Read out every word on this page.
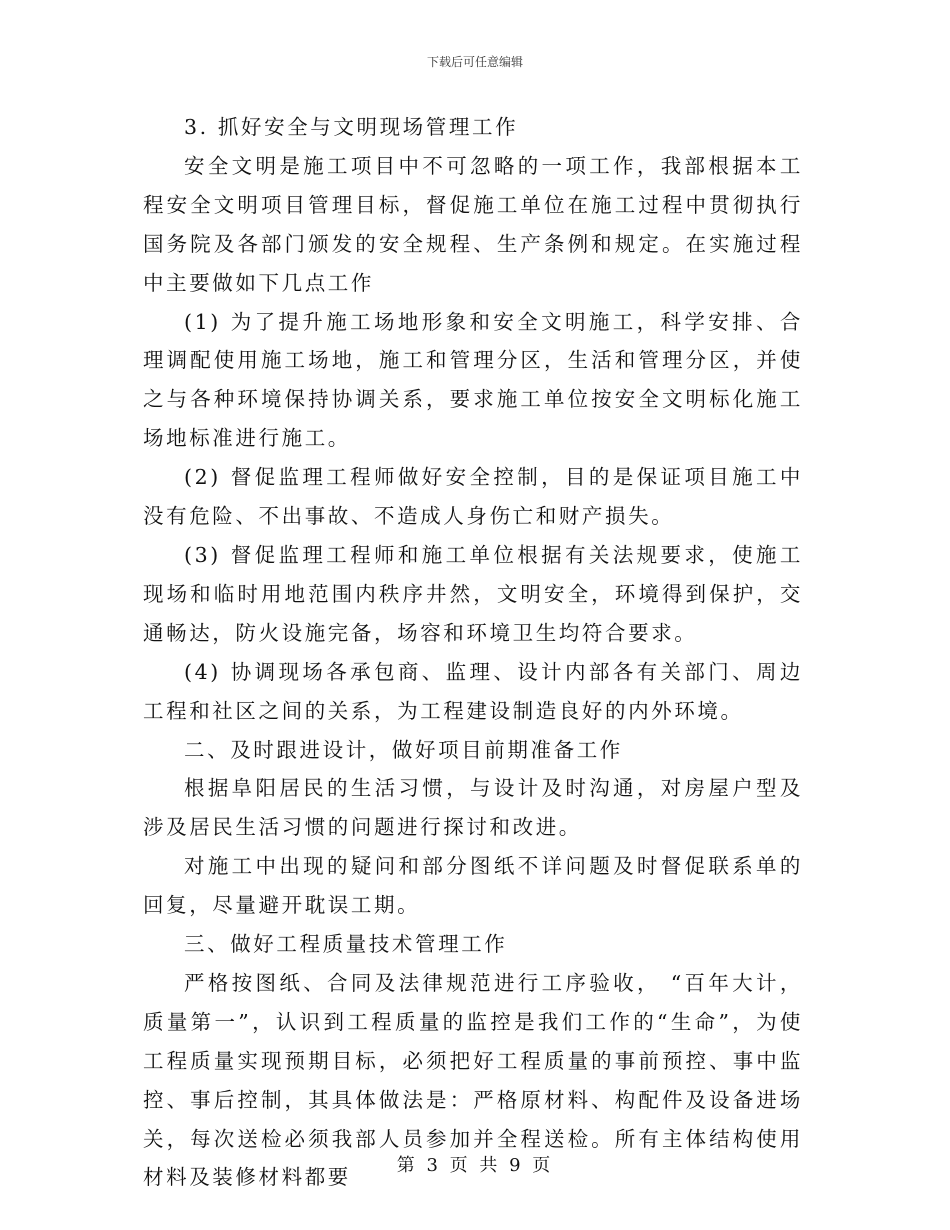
下载后可任意编辑

3. 抓好安全与文明现场管理工作

安全文明是施工项目中不可忽略的一项工作，我部根据本工程安全文明项目管理目标，督促施工单位在施工过程中贯彻执行国务院及各部门颁发的安全规程、生产条例和规定。在实施过程中主要做如下几点工作

(1) 为了提升施工场地形象和安全文明施工，科学安排、合理调配使用施工场地，施工和管理分区，生活和管理分区，并使之与各种环境保持协调关系，要求施工单位按安全文明标化施工场地标准进行施工。

(2) 督促监理工程师做好安全控制，目的是保证项目施工中没有危险、不出事故、不造成人身伤亡和财产损失。

(3) 督促监理工程师和施工单位根据有关法规要求，使施工现场和临时用地范围内秩序井然，文明安全，环境得到保护，交通畅达，防火设施完备，场容和环境卫生均符合要求。

(4) 协调现场各承包商、监理、设计内部各有关部门、周边工程和社区之间的关系，为工程建设制造良好的内外环境。

二、及时跟进设计，做好项目前期准备工作

根据阜阳居民的生活习惯，与设计及时沟通，对房屋户型及涉及居民生活习惯的问题进行探讨和改进。

对施工中出现的疑问和部分图纸不详问题及时督促联系单的回复，尽量避开耽误工期。

三、做好工程质量技术管理工作

严格按图纸、合同及法律规范进行工序验收， “百年大计，质量第一”，认识到工程质量的监控是我们工作的“生命”，为使工程质量实现预期目标，必须把好工程质量的事前预控、事中监控、事后控制，其具体做法是：严格原材料、构配件及设备进场关，每次送检必须我部人员参加并全程送检。所有主体结构使用材料及装修材料都要	第 3 页 共 9 页
